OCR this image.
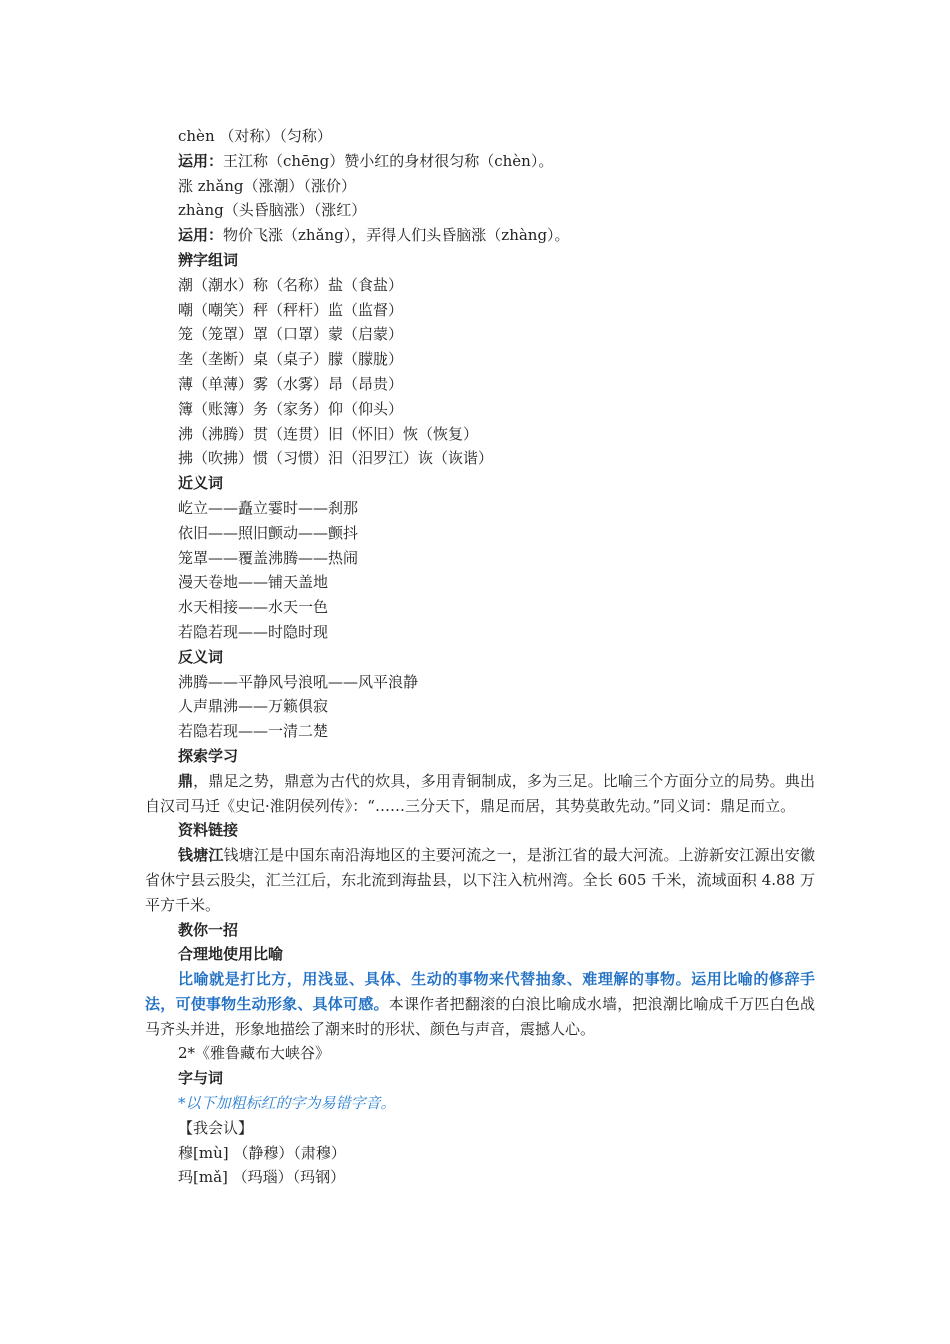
chèn （对称）（匀称）
运用：王江称（chēng）赞小红的身材很匀称（chèn）。
涨 zhǎng（涨潮）（涨价）
zhàng（头昏脑涨）（涨红）
运用：物价飞涨（zhǎng），弄得人们头昏脑涨（zhàng）。
辨字组词
潮（潮水）称（名称）盐（食盐）
嘲（嘲笑）秤（秤杆）监（监督）
笼（笼罩）罩（口罩）蒙（启蒙）
垄（垄断）桌（桌子）朦（朦胧）
薄（单薄）雾（水雾）昂（昂贵）
簿（账簿）务（家务）仰（仰头）
沸（沸腾）贯（连贯）旧（怀旧）恢（恢复）
拂（吹拂）惯（习惯）汨（汨罗江）诙（诙谐）
近义词
屹立——矗立霎时——刹那
依旧——照旧颤动——颤抖
笼罩——覆盖沸腾——热闹
漫天卷地——铺天盖地
水天相接——水天一色
若隐若现——时隐时现
反义词
沸腾——平静风号浪吼——风平浪静
人声鼎沸——万籁俱寂
若隐若现——一清二楚
探索学习
鼎，鼎足之势，鼎意为古代的炊具，多用青铜制成，多为三足。比喻三个方面分立的局势。典出自汉司马迁《史记·淮阴侯列传》：“……三分天下，鼎足而居，其势莫敢先动。”同义词：鼎足而立。
资料链接
钱塘江钱塘江是中国东南沿海地区的主要河流之一，是浙江省的最大河流。上游新安江源出安徽省休宁县云股尖，汇兰江后，东北流到海盐县，以下注入杭州湾。全长 605 千米，流域面积 4.88 万平方千米。
教你一招
合理地使用比喻
比喻就是打比方，用浅显、具体、生动的事物来代替抽象、难理解的事物。运用比喻的修辞手法，可使事物生动形象、具体可感。本课作者把翻滚的白浪比喻成水墙，把浪潮比喻成千万匹白色战马齐头并进，形象地描绘了潮来时的形状、颜色与声音，震撼人心。
2*《雅鲁藏布大峡谷》
字与词
*以下加粗标红的字为易错字音。
【我会认】
穆[mù] （静穆）（肃穆）
玛[mǎ] （玛瑙）（玛钢）
